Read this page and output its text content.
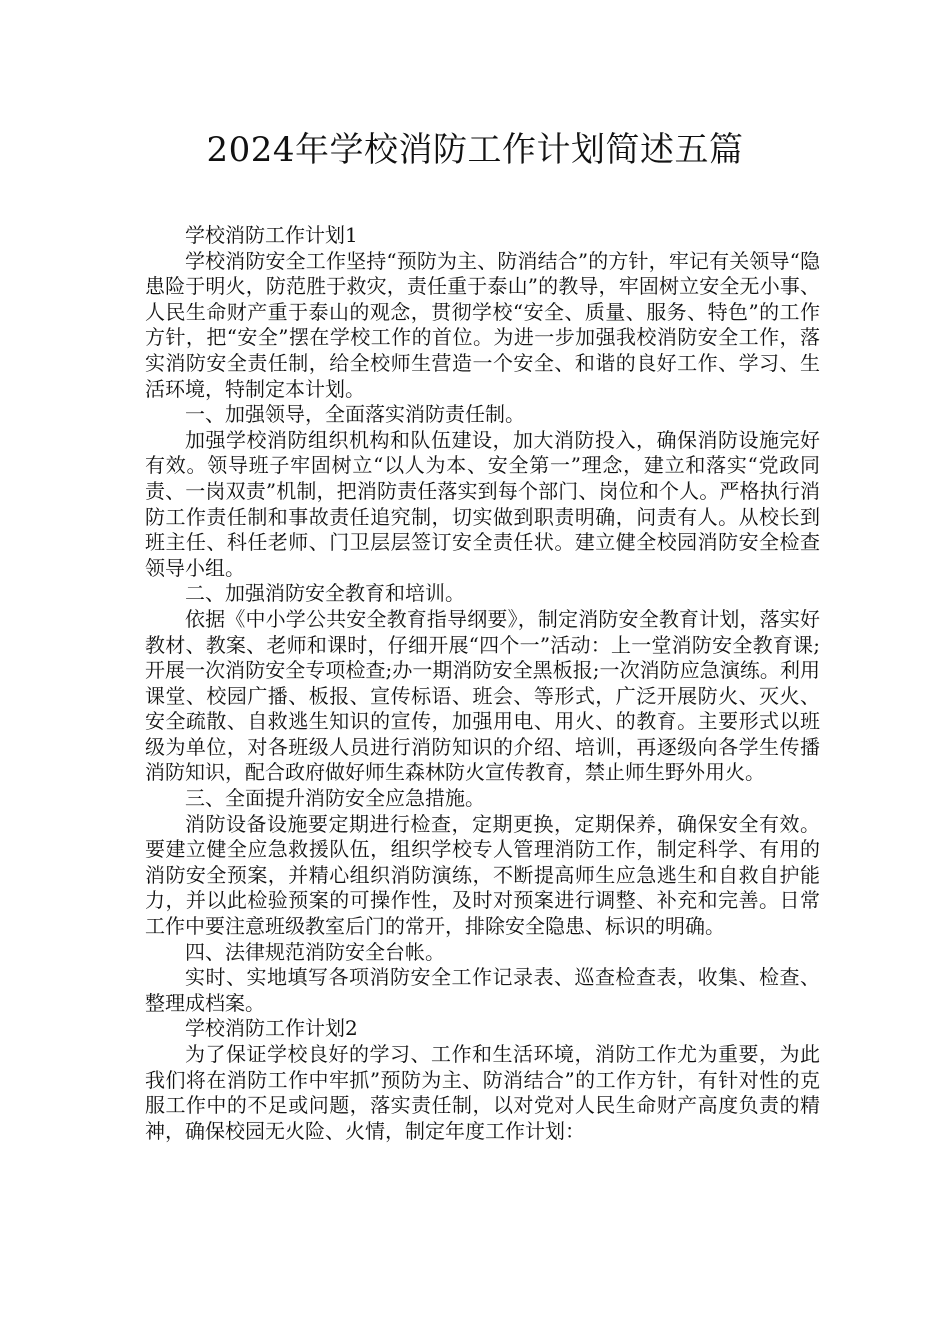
2024年学校消防工作计划简述五篇

学校消防工作计划1

学校消防安全工作坚持“预防为主、防消结合”的方针，牢记有关领导“隐患险于明火，防范胜于救灾，责任重于泰山”的教导，牢固树立安全无小事、人民生命财产重于泰山的观念，贯彻学校“安全、质量、服务、特色”的工作方针，把“安全”摆在学校工作的首位。为进一步加强我校消防安全工作，落实消防安全责任制，给全校师生营造一个安全、和谐的良好工作、学习、生活环境，特制定本计划。

一、加强领导，全面落实消防责任制。

加强学校消防组织机构和队伍建设，加大消防投入，确保消防设施完好有效。领导班子牢固树立“以人为本、安全第一”理念，建立和落实“党政同责、一岗双责”机制，把消防责任落实到每个部门、岗位和个人。严格执行消防工作责任制和事故责任追究制，切实做到职责明确，问责有人。从校长到班主任、科任老师、门卫层层签订安全责任状。建立健全校园消防安全检查领导小组。

二、加强消防安全教育和培训。

依据《中小学公共安全教育指导纲要》，制定消防安全教育计划，落实好教材、教案、老师和课时，仔细开展“四个一”活动：上一堂消防安全教育课;开展一次消防安全专项检查;办一期消防安全黑板报;一次消防应急演练。利用课堂、校园广播、板报、宣传标语、班会、等形式，广泛开展防火、灭火、安全疏散、自救逃生知识的宣传，加强用电、用火、的教育。主要形式以班级为单位，对各班级人员进行消防知识的介绍、培训，再逐级向各学生传播消防知识，配合政府做好师生森林防火宣传教育，禁止师生野外用火。

三、全面提升消防安全应急措施。

消防设备设施要定期进行检查，定期更换，定期保养，确保安全有效。要建立健全应急救援队伍，组织学校专人管理消防工作，制定科学、有用的消防安全预案，并精心组织消防演练，不断提高师生应急逃生和自救自护能力，并以此检验预案的可操作性，及时对预案进行调整、补充和完善。日常工作中要注意班级教室后门的常开，排除安全隐患、标识的明确。

四、法律规范消防安全台帐。

实时、实地填写各项消防安全工作记录表、巡查检查表，收集、检查、整理成档案。

学校消防工作计划2

为了保证学校良好的学习、工作和生活环境，消防工作尤为重要，为此我们将在消防工作中牢抓”预防为主、防消结合”的工作方针，有针对性的克服工作中的不足或问题，落实责任制，以对党对人民生命财产高度负责的精神，确保校园无火险、火情，制定年度工作计划：
